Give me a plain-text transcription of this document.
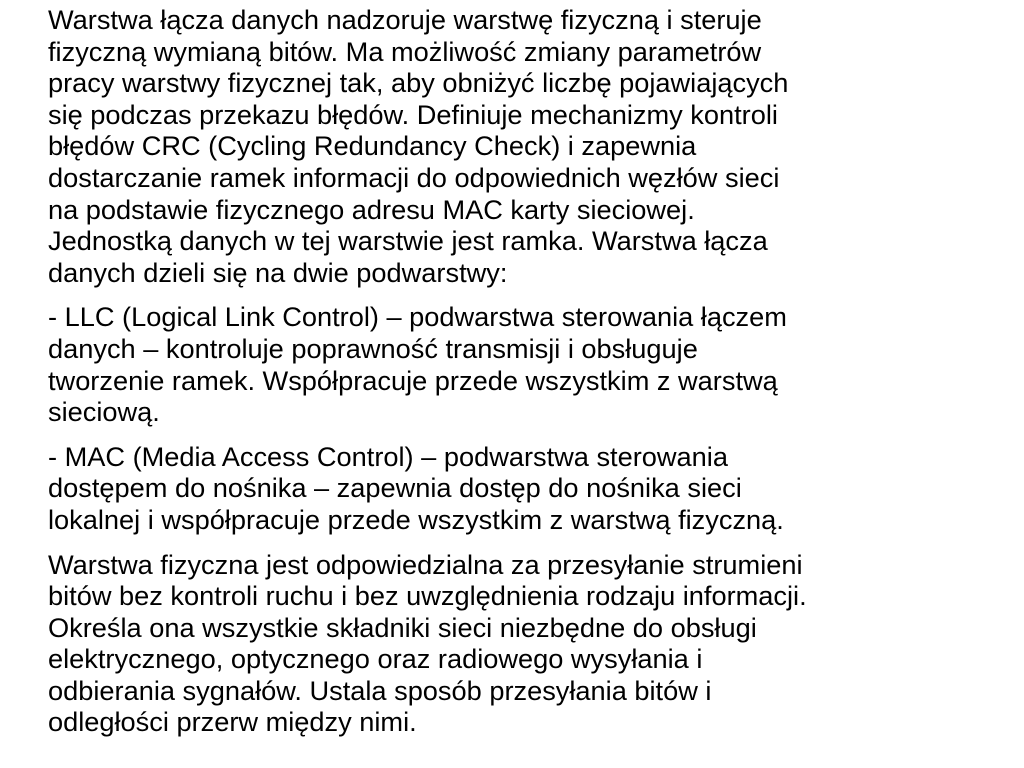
Warstwa łącza danych nadzoruje warstwę fizyczną i steruje
fizyczną wymianą bitów. Ma możliwość zmiany parametrów
pracy warstwy fizycznej tak, aby obniżyć liczbę pojawiających
się podczas przekazu błędów. Definiuje mechanizmy kontroli
błędów CRC (Cycling Redundancy Check) i zapewnia
dostarczanie ramek informacji do odpowiednich węzłów sieci
na podstawie fizycznego adresu MAC karty sieciowej.
Jednostką danych w tej warstwie jest ramka. Warstwa łącza
danych dzieli się na dwie podwarstwy:

- LLC (Logical Link Control) – podwarstwa sterowania łączem
danych – kontroluje poprawność transmisji i obsługuje
tworzenie ramek. Współpracuje przede wszystkim z warstwą
sieciową.

- MAC (Media Access Control) – podwarstwa sterowania
dostępem do nośnika – zapewnia dostęp do nośnika sieci
lokalnej i współpracuje przede wszystkim z warstwą fizyczną.

Warstwa fizyczna jest odpowiedzialna za przesyłanie strumieni
bitów bez kontroli ruchu i bez uwzględnienia rodzaju informacji.
Określa ona wszystkie składniki sieci niezbędne do obsługi
elektrycznego, optycznego oraz radiowego wysyłania i
odbierania sygnałów. Ustala sposób przesyłania bitów i
odległości przerw między nimi.
